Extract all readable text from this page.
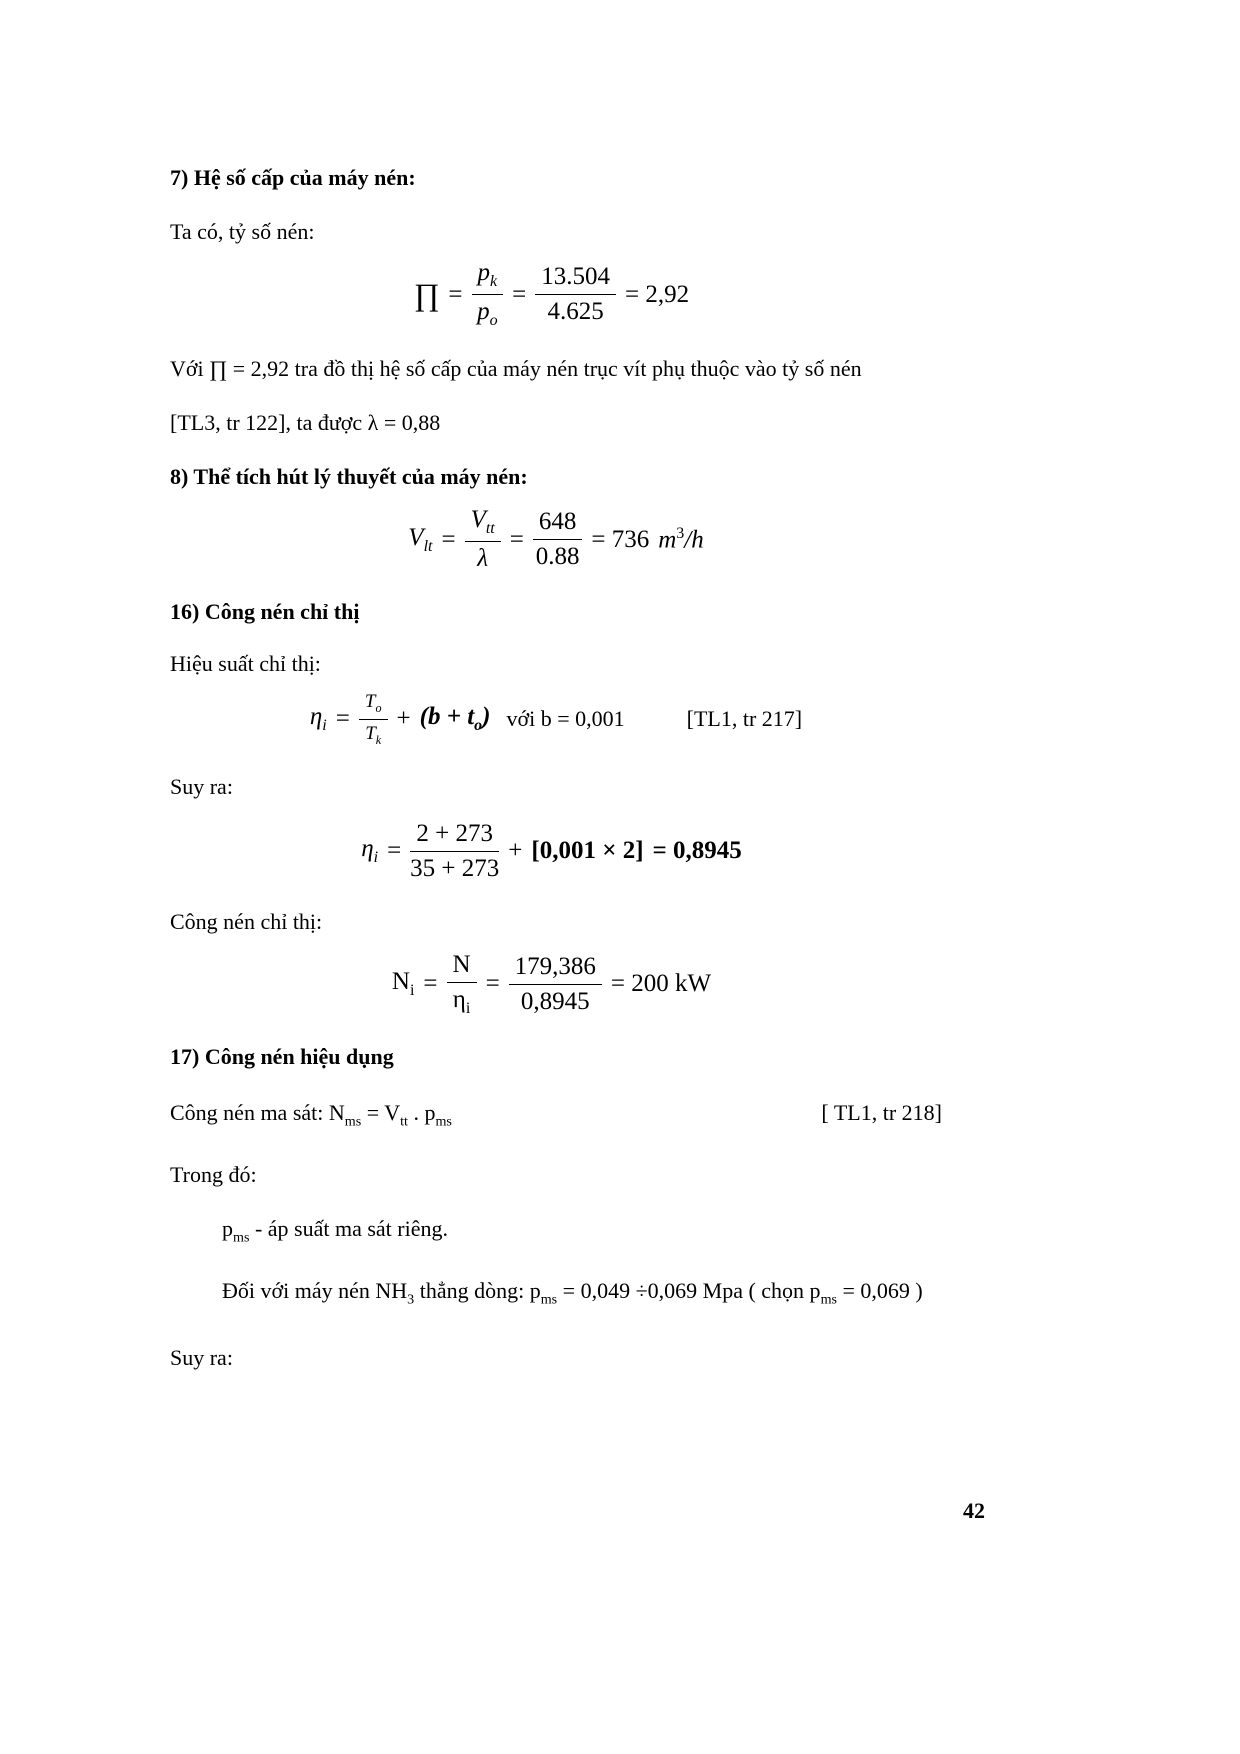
7) Hệ số cấp của máy nén:

Ta có, tỷ số nén:

∏ = $\frac{p_k}{p_o} = \frac{13.504}{4.625} = 2,92$

Với ∏ = 2,92 tra đồ thị hệ số cấp của máy nén trục vít phụ thuộc vào tỷ số nén

[TL3, tr 122], ta được λ = 0,88

8) Thể tích hút lý thuyết của máy nén:

$V_{lt} = \frac{V_{tt}}{\lambda} = \frac{648}{0.88} = 736$ $m^3/h$

16) Công nén chỉ thị

Hiệu suất chỉ thị:

$\eta_i = \frac{T_o}{T_k} + (b + t_o)$ với b = 0,001	[TL1, tr 217]

Suy ra:

$\eta_i = \frac{2 + 273}{35 + 273} + [0,001 \times 2] = 0,8945$

Công nén chỉ thị:

$N_i = \frac{N}{\eta_i} = \frac{179,386}{0,8945} = 200$ kW

17) Công nén hiệu dụng

Công nén ma sát: $N_{ms} = V_{tt}$ . $p_{ms}$	[ TL1, tr 218]

Trong đó:

$p_{ms}$ - áp suất ma sát riêng.

Đối với máy nén $NH_3$ thẳng dòng: $p_{ms} = 0,049 \div 0,069$ Mpa ( chọn $p_{ms} = 0,069$ )

Suy ra:

42
